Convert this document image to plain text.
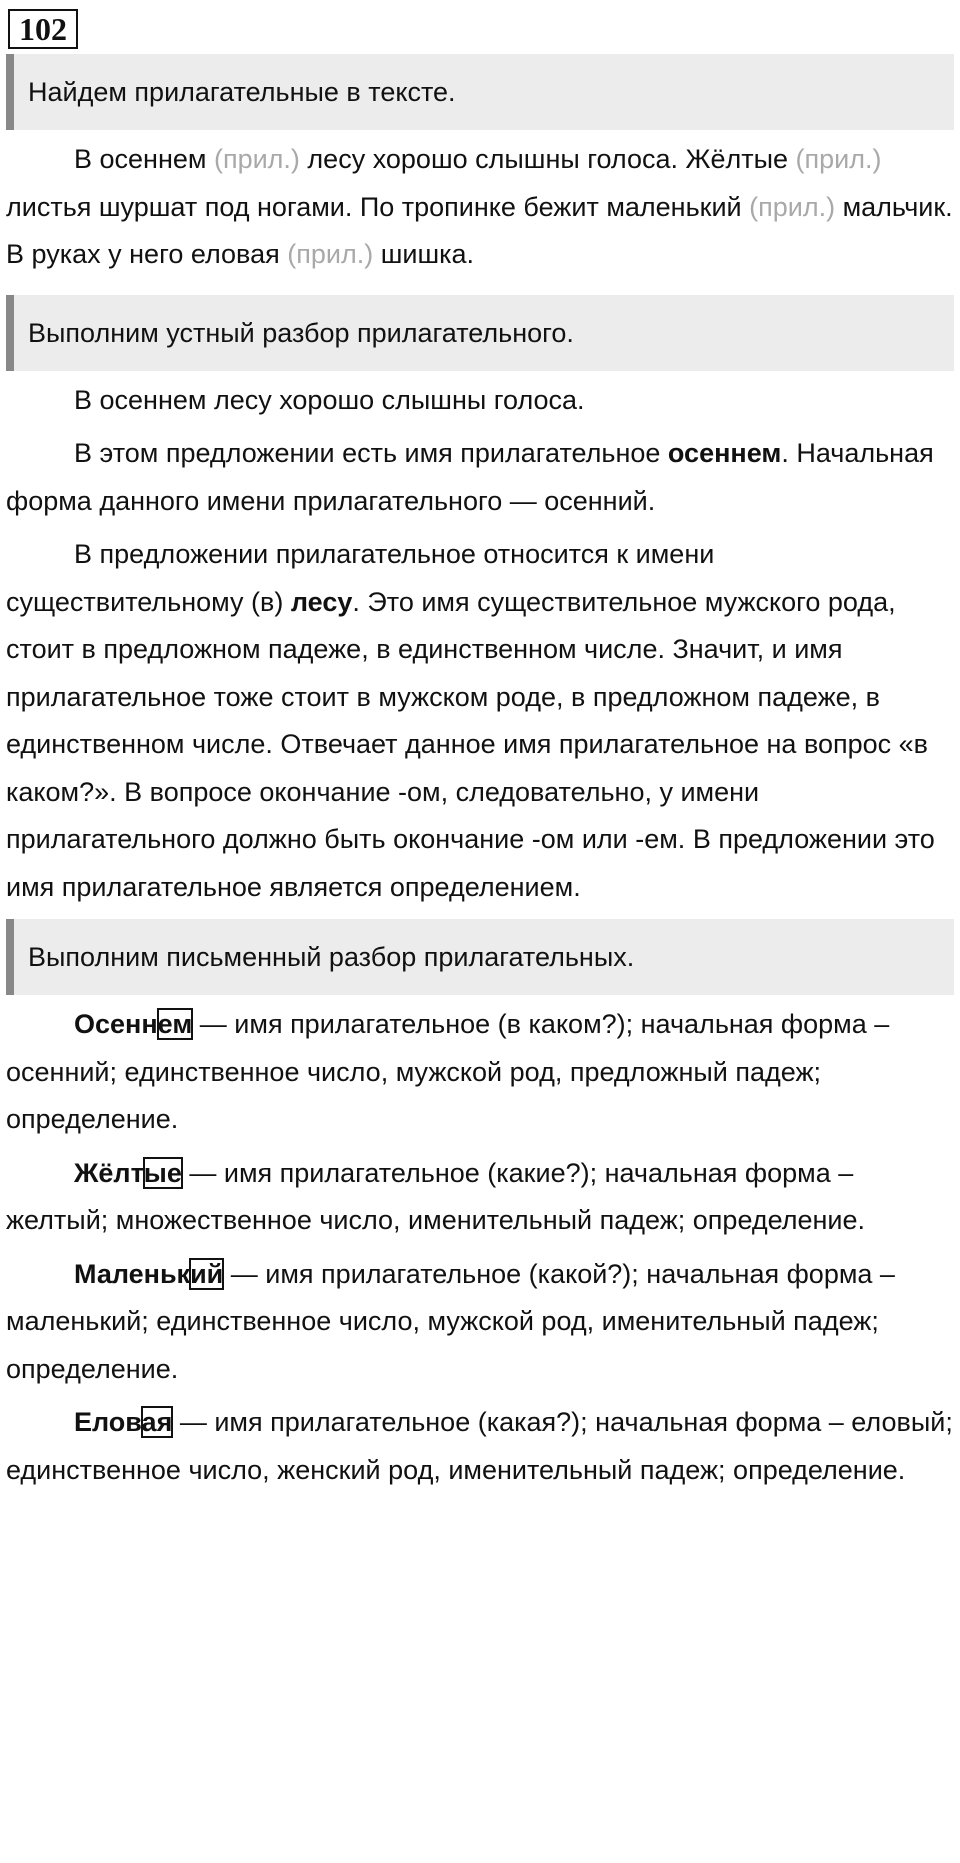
102
Найдем прилагательные в тексте.

В осеннем (прил.) лесу хорошо слышны голоса. Жёлтые (прил.) листья шуршат под ногами. По тропинке бежит маленький (прил.) мальчик. В руках у него еловая (прил.) шишка.

Выполним устный разбор прилагательного.

В осеннем лесу хорошо слышны голоса.

В этом предложении есть имя прилагательное осеннем. Начальная форма данного имени прилагательного — осенний.

В предложении прилагательное относится к имени существительному (в) лесу. Это имя существительное мужского рода, стоит в предложном падеже, в единственном числе. Значит, и имя прилагательное тоже стоит в мужском роде, в предложном падеже, в единственном числе. Отвечает данное имя прилагательное на вопрос «в каком?». В вопросе окончание -ом, следовательно, у имени прилагательного должно быть окончание -ом или -ем. В предложении это имя прилагательное является определением.

Выполним письменный разбор прилагательных.

Осеннем — имя прилагательное (в каком?); начальная форма – осенний; единственное число, мужской род, предложный падеж; определение.

Жёлтые — имя прилагательное (какие?); начальная форма – желтый; множественное число, именительный падеж; определение.

Маленький — имя прилагательное (какой?); начальная форма – маленький; единственное число, мужской род, именительный падеж; определение.

Еловая — имя прилагательное (какая?); начальная форма – еловый; единственное число, женский род, именительный падеж; определение.
